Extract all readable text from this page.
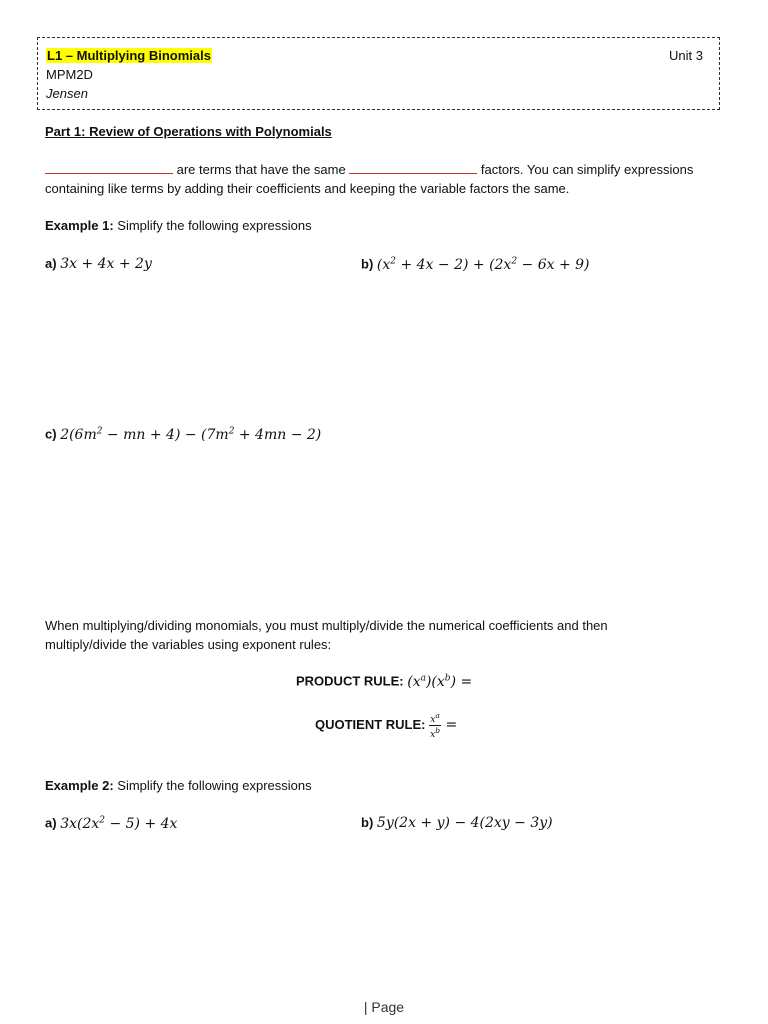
L1 – Multiplying Binomials	Unit 3
MPM2D
Jensen
Part 1: Review of Operations with Polynomials
are terms that have the same	factors. You can simplify expressions
containing like terms by adding their coefficients and keeping the variable factors the same.
Example 1: Simplify the following expressions
a) 3x + 4x + 2y	b) $(x^2 + 4x - 2) + (2x^2 - 6x + 9)$
c) $2(6m^2$ − mn + $4) - (7m^2 + 4mn - 2)$
When multiplying/dividing monomials, you must multiply/divide the numerical coefficients and then
multiply/divide the variables using exponent rules:
PRODUCT RULE: $(x^a)(x^b)$ =
QUOTIENT RULE: $\frac{x^a}{x^b}$ =
Example 2: Simplify the following expressions
a) $3x(2x^2 - 5) + 4x$	b) 5y(2x + y) − 4(2xy − 3y)
| Page
